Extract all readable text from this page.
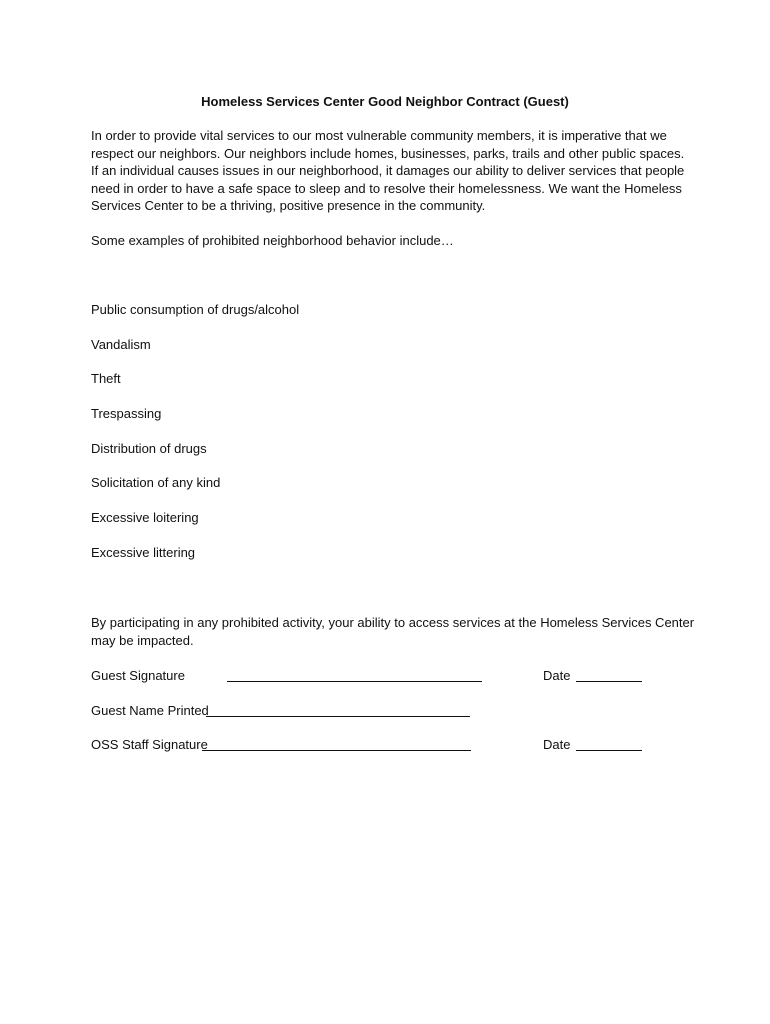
Homeless Services Center Good Neighbor Contract (Guest)

In order to provide vital services to our most vulnerable community members, it is imperative that we
respect our neighbors. Our neighbors include homes, businesses, parks, trails and other public spaces.
If an individual causes issues in our neighborhood, it damages our ability to deliver services that people
need in order to have a safe space to sleep and to resolve their homelessness. We want the Homeless
Services Center to be a thriving, positive presence in the community.

Some examples of prohibited neighborhood behavior include…
Public consumption of drugs/alcohol
Vandalism
Theft
Trespassing
Distribution of drugs
Solicitation of any kind
Excessive loitering
Excessive littering
By participating in any prohibited activity, your ability to access services at the Homeless Services Center
may be impacted.
Guest Signature	Date
Guest Name Printed
OSS Staff Signature	Date
